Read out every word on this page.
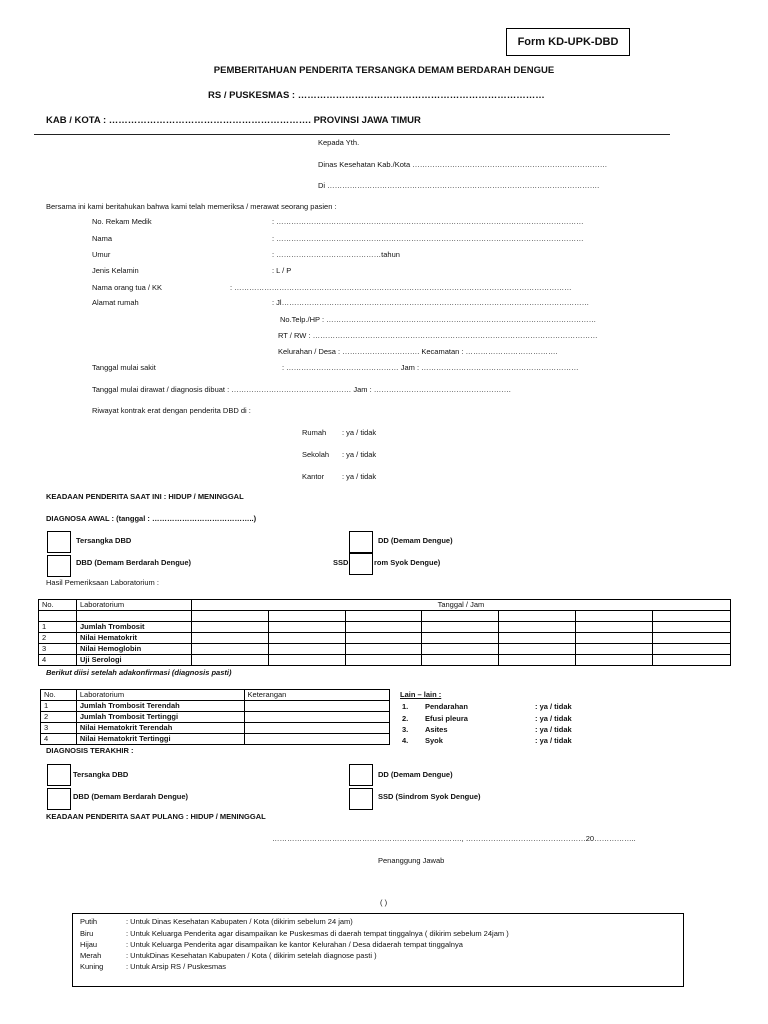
Form KD-UPK-DBD
PEMBERITAHUAN PENDERITA TERSANGKA DEMAM BERDARAH DENGUE
RS / PUSKESMAS : ……………………………………………………………………
KAB / KOTA : ………………………………………………………. PROVINSI JAWA TIMUR
Kepada Yth.
Dinas Kesehatan Kab./Kota ……………………………………………………………………
Di ……………………………………………………………………………………………….
Bersama ini kami beritahukan bahwa kami telah memeriksa / merawat seorang pasien :
No. Rekam Medik	: ……………………………………………………………………………………………………………
Nama	: ……………………………………………………………………………………………………………
Umur	: ……………………………………tahun
Jenis Kelamin	: L / P
Nama orang tua / KK	: ………………………………………………………………………………………………………………………
Alamat rumah	: Jl……………………………………………………………………………………………………………
No.Telp./HP : ………………………………………………………………………………………………
RT / RW : ……………………………………………………………………………………………………
Kelurahan / Desa : …………………………. Kecamatan : ……………………………….
Tanggal mulai sakit	: ……………………………………… Jam : ………………………………………………………
Tanggal mulai dirawat / diagnosis dibuat : ………………………………………… Jam : ……………………………………………….
Riwayat kontrak erat dengan penderita DBD di :
Rumah : ya / tidak
Sekolah : ya / tidak
Kantor : ya / tidak
KEADAAN PENDERITA SAAT INI : HIDUP / MENINGGAL
DIAGNOSA AWAL : (tanggal : …………………………………..)
Tersangka DBD	DD (Demam Dengue)
DBD (Demam Berdarah Dengue)	SSD	rom Syok Dengue)
Hasil Pemeriksaan Laboratorium :
No.	Laboratorium	Tanggal / Jam						

1	Jumlah Trombosit							
2	Nilai Hematokrit							
3	Nilai Hemoglobin							
4	Uji Serologi							
Berikut diisi setelah adakonfirmasi (diagnosis pasti)
No.	Laboratorium	Keterangan
1	Jumlah Trombosit Terendah	
2	Jumlah Trombosit Tertinggi	
3	Nilai Hematokrit Terendah	
4	Nilai Hematokrit Tertinggi	
Lain – lain :
1. Pendarahan	: ya / tidak
2. Efusi pleura	: ya / tidak
3. Asites	: ya / tidak
4. Syok	: ya / tidak
DIAGNOSIS TERAKHIR :
Tersangka DBD	DD (Demam Dengue)
DBD (Demam Berdarah Dengue)	SSD (Sindrom Syok Dengue)
KEADAAN PENDERITA SAAT PULANG : HIDUP / MENINGGAL
…………………………………………………………………., …………………………………………20……………..
Penanggung Jawab
( )
Putih	: Untuk Dinas Kesehatan Kabupaten / Kota (dikirim sebelum 24 jam)
Biru	: Untuk Keluarga Penderita agar disampaikan ke Puskesmas di daerah tempat tinggalnya ( dikirim sebelum 24jam )
Hijau	: Untuk Keluarga Penderita agar disampaikan ke kantor Kelurahan / Desa didaerah tempat tinggalnya
Merah	: UntukDinas Kesehatan Kabupaten / Kota ( dikirim setelah diagnose pasti )
Kuning	: Untuk Arsip RS / Puskesmas
